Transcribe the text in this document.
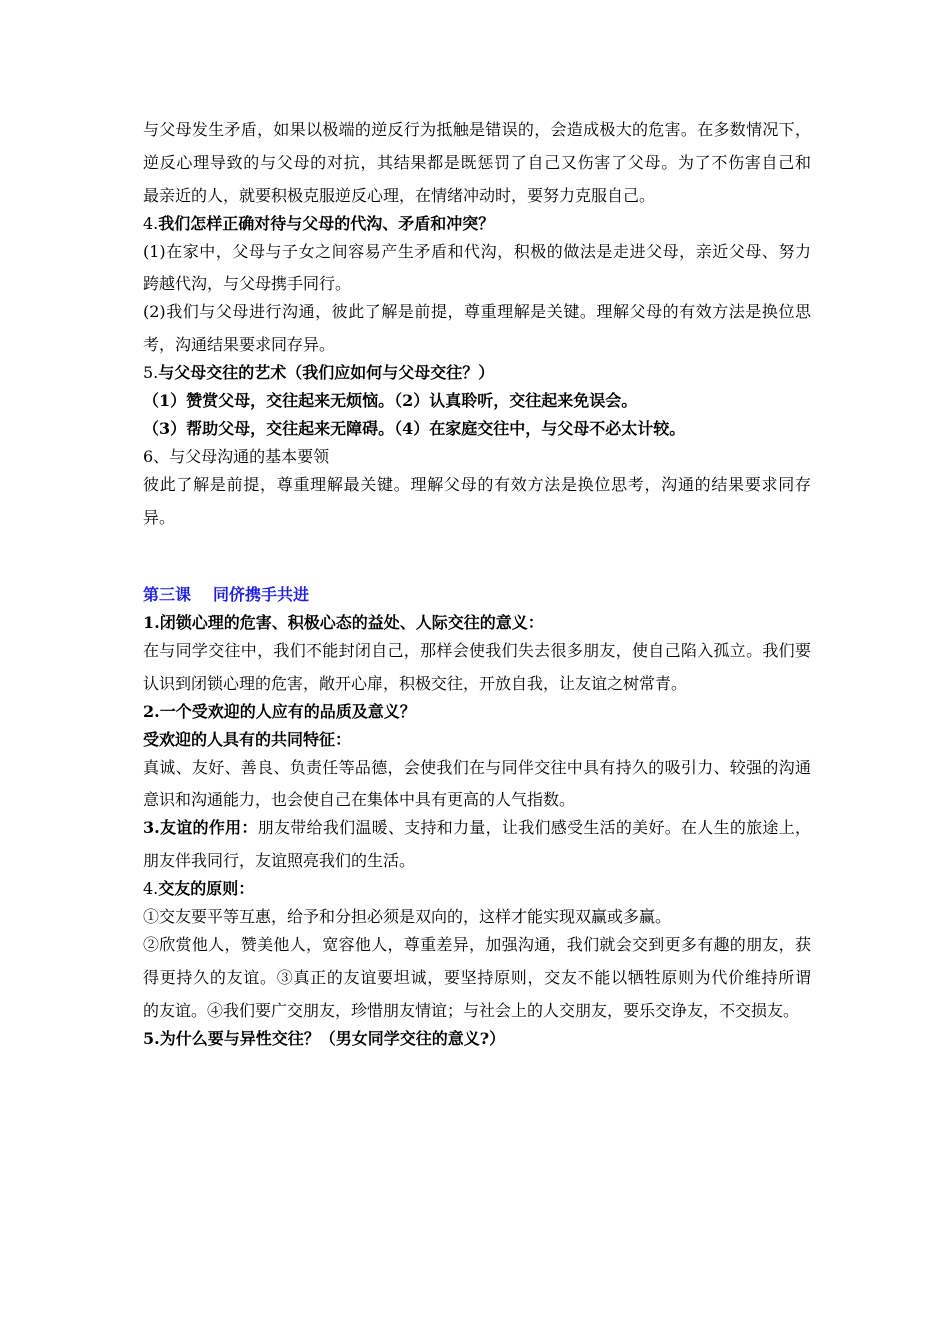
与父母发生矛盾，如果以极端的逆反行为抵触是错误的，会造成极大的危害。在多数情况下，
逆反心理导致的与父母的对抗，其结果都是既惩罚了自己又伤害了父母。为了不伤害自己和
最亲近的人，就要积极克服逆反心理，在情绪冲动时，要努力克服自己。
4.我们怎样正确对待与父母的代沟、矛盾和冲突？
(1)在家中，父母与子女之间容易产生矛盾和代沟，积极的做法是走进父母，亲近父母、努力
跨越代沟，与父母携手同行。
(2)我们与父母进行沟通，彼此了解是前提，尊重理解是关键。理解父母的有效方法是换位思
考，沟通结果要求同存异。
5.与父母交往的艺术（我们应如何与父母交往？）
（1）赞赏父母，交往起来无烦恼。（2）认真聆听，交往起来免误会。
（3）帮助父母，交往起来无障碍。（4）在家庭交往中，与父母不必太计较。
6、与父母沟通的基本要领
彼此了解是前提，尊重理解最关键。理解父母的有效方法是换位思考，沟通的结果要求同存
异。
第三课 同侪携手共进
1.闭锁心理的危害、积极心态的益处、人际交往的意义：
在与同学交往中，我们不能封闭自己，那样会使我们失去很多朋友，使自己陷入孤立。我们要
认识到闭锁心理的危害，敞开心扉，积极交往，开放自我，让友谊之树常青。
2.一个受欢迎的人应有的品质及意义？
受欢迎的人具有的共同特征：
真诚、友好、善良、负责任等品德，会使我们在与同伴交往中具有持久的吸引力、较强的沟通
意识和沟通能力，也会使自己在集体中具有更高的人气指数。
3.友谊的作用：朋友带给我们温暖、支持和力量，让我们感受生活的美好。在人生的旅途上，
朋友伴我同行，友谊照亮我们的生活。
4.交友的原则：
①交友要平等互惠，给予和分担必须是双向的，这样才能实现双赢或多赢。
②欣赏他人，赞美他人，宽容他人，尊重差异，加强沟通，我们就会交到更多有趣的朋友，获
得更持久的友谊。③真正的友谊要坦诚，要坚持原则，交友不能以牺牲原则为代价维持所谓
的友谊。④我们要广交朋友，珍惜朋友情谊；与社会上的人交朋友，要乐交诤友，不交损友。
5.为什么要与异性交往？（男女同学交往的意义?）
